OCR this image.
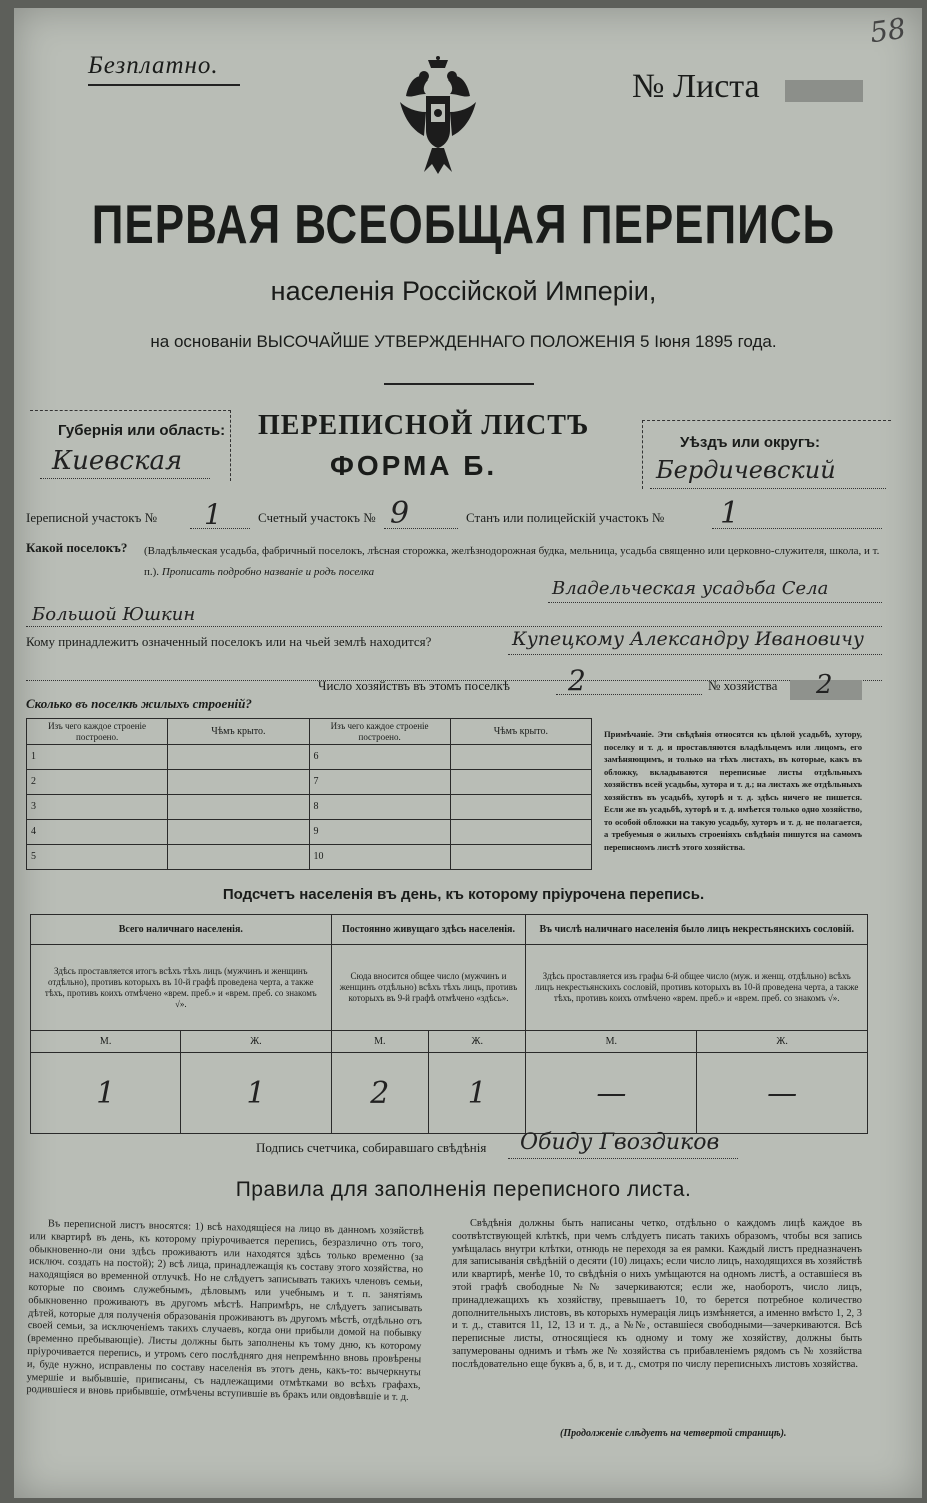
Безплатно.
№ Листа
58
ПЕРВАЯ ВСЕОБЩАЯ ПЕРЕПИСЬ
населенія Россійской Имперіи,
на основаніи ВЫСОЧАЙШЕ УТВЕРЖДЕННАГО ПОЛОЖЕНІЯ 5 Іюня 1895 года.
Губернія или область:
Киевская
ПЕРЕПИСНОЙ ЛИСТЪ
ФОРМА Б.
Уѣздъ или округъ:
Бердичевский
Іереписной участокъ № 1	Счетный участокъ № 9	Станъ или полицейскій участокъ № 1
Какой поселокъ? (Владѣльческая усадьба, фабричный поселокъ, лѣсная сторожка, желѣзнодорожная будка, мельница, усадьба священно или церковно-служителя, школа, и т. п.). Прописать подробно названіе и родъ поселка
Владельческая усадьба Села
Большой Юшкин
Кому принадлежитъ означенный поселокъ или на чьей землѣ находится?	Купецкому Александру Ивановичу
Число хозяйствъ въ этомъ поселкѣ 2	№ хозяйства 2
Сколько въ поселкѣ жилыхъ строеній?
Изъ чего каждое строеніе построено.	Чѣмъ крыто.	Изъ чего каждое строеніе построено.	Чѣмъ крыто.
1		6	
2		7	
3		8	
4		9	
5		10	
Примѣчаніе. Эти свѣдѣнія относятся къ цѣлой усадьбѣ, хутору, поселку и т. д. и проставляются владѣльцемъ или лицомъ, его замѣняющимъ, и только на тѣхъ листахъ, въ которые, какъ въ обложку, вкладываются переписные листы отдѣльныхъ хозяйствъ всей усадьбы, хутора и т. д.; на листахъ же отдѣльныхъ хозяйствъ въ усадьбѣ, хуторѣ и т. д. здѣсь ничего не пишется. Если же въ усадьбѣ, хуторѣ и т. д. имѣется только одно хозяйство, то особой обложки на такую усадьбу, хуторъ и т. д. не полагается, а требуемыя о жилыхъ строеніяхъ свѣдѣнія пишутся на самомъ переписномъ листѣ этого хозяйства.
Подсчетъ населенія въ день, къ которому пріурочена перепись.
Всего наличнаго населенія.		Постоянно живущаго здѣсь населенія.		Въ числѣ наличнаго населенія было лицъ некрестьянскихъ сословій.	
Здѣсь проставляется итогъ всѣхъ тѣхъ лицъ (мужчинъ и женщинъ отдѣльно), противъ которыхъ въ 10-й графѣ проведена черта, а также тѣхъ, противъ коихъ отмѣчено «врем. преб.» и «врем. преб. со знакомъ √».		Сюда вносится общее число (мужчинъ и женщинъ отдѣльно) всѣхъ тѣхъ лицъ, противъ которыхъ въ 9-й графѣ отмѣчено «здѣсь».		Здѣсь проставляется изъ графы 6-й общее число (муж. и женщ. отдѣльно) всѣхъ лицъ некрестьянскихъ сословій, противъ которыхъ въ 10-й проведена черта, а также тѣхъ, противъ коихъ отмѣчено «врем. преб.» и «врем. преб. со знакомъ √».	
М.	Ж.	М.	Ж.	М.	Ж.
1	1	2	1	—	—
Подпись счетчика, собиравшаго свѣдѣнія Обиду Гвоздиков
Правила для заполненія переписного листа.
Въ переписной листъ вносятся: 1) всѣ находящіеся на лицо въ данномъ хозяйствѣ или квартирѣ въ день, къ которому пріурочивается перепись, безразлично отъ того, обыкновенно-ли они здѣсь проживаютъ или находятся здѣсь только временно (за исключ. создать на постой); 2) всѣ лица, принадлежащія къ составу этого хозяйства, но находящіяся во временной отлучкѣ. Но не слѣдуетъ записывать такихъ членовъ семьи, которые по своимъ служебнымъ, дѣловымъ или учебнымъ и т. п. занятіямъ обыкновенно проживаютъ въ другомъ мѣстѣ. Напримѣръ, не слѣдуетъ записывать дѣтей, которые для полученія образованія проживаютъ въ другомъ мѣстѣ, отдѣльно отъ своей семьи, за исключеніемъ такихъ случаевъ, когда они прибыли домой на побывку (временно пребывающіе). Листы должны быть заполнены къ тому дню, къ которому пріурочивается перепись, и утромъ сего послѣдняго дня непремѣнно вновь провѣрены и, буде нужно, исправлены по составу населенія въ этотъ день, какъ-то: вычеркнуты умершіе и выбывшіе, приписаны, съ надлежащими отмѣтками во всѣхъ графахъ, родившіеся и вновь прибывшіе, отмѣчены вступившіе въ бракъ или овдовѣвшіе и т. д.
Свѣдѣнія должны быть написаны четко, отдѣльно о каждомъ лицѣ каждое въ соотвѣтствующей клѣткѣ, при чемъ слѣдуетъ писать такихъ образомъ, чтобы вся запись умѣщалась внутри клѣтки, отнюдь не переходя за ея рамки. Каждый листъ предназначенъ для записыванія свѣдѣній о десяти (10) лицахъ; если число лицъ, находящихся въ хозяйствѣ или квартирѣ, менѣе 10, то свѣдѣнія о нихъ умѣщаются на одномъ листѣ, а оставшіеся въ этой графѣ свободные №№ зачеркиваются; если же, наоборотъ, число лицъ, принадлежащихъ къ хозяйству, превышаетъ 10, то берется потребное количество дополнительныхъ листовъ, въ которыхъ нумерація лицъ измѣняется, а именно вмѣсто 1, 2, 3 и т. д., ставится 11, 12, 13 и т. д., а №№, оставшіеся свободными—зачеркиваются. Всѣ переписные листы, относящіеся къ одному и тому же хозяйству, должны быть запумерованы однимъ и тѣмъ же № хозяйства съ прибавленіемъ рядомъ съ № хозяйства послѣдовательно еще буквъ а, б, в, и т. д., смотря по числу переписныхъ листовъ хозяйства.
(Продолженіе слѣдуетъ на четвертой страницѣ).
